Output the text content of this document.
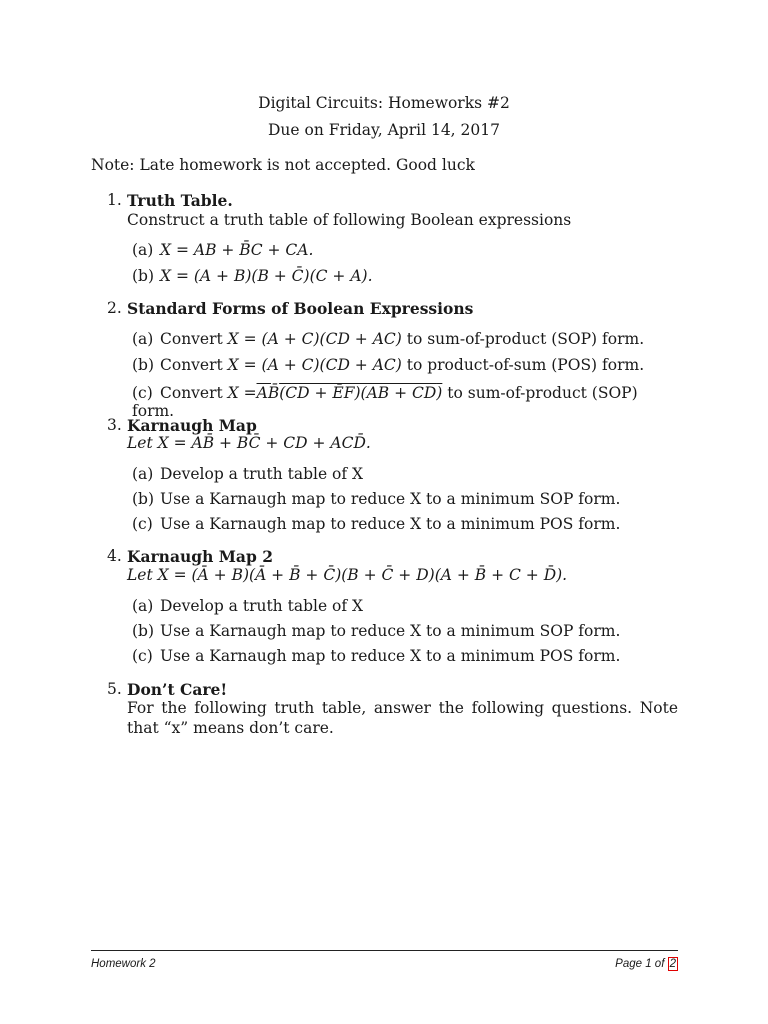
Digital Circuits: Homeworks #2
Due on Friday, April 14, 2017
Note: Late homework is not accepted. Good luck
1. Truth Table.
Construct a truth table of following Boolean expressions
(a) X = AB + B̄C + CA.
(b) X = (A + B)(B + C̄)(C + A).
2. Standard Forms of Boolean Expressions
(a) Convert X = (A + C)(CD + AC) to sum-of-product (SOP) form.
(b) Convert X = (A + C)(CD + AC) to product-of-sum (POS) form.
(c) Convert X =AB̄(CD + ĒF)(AB + CD) to sum-of-product (SOP) form.
3. Karnaugh Map
Let X = AB̄ + BC̄ + CD + ACD̄.
(a) Develop a truth table of X
(b) Use a Karnaugh map to reduce X to a minimum SOP form.
(c) Use a Karnaugh map to reduce X to a minimum POS form.
4. Karnaugh Map 2
Let X = (Ā + B)(Ā + B̄ + C̄)(B + C̄ + D)(A + B̄ + C + D̄).
(a) Develop a truth table of X
(b) Use a Karnaugh map to reduce X to a minimum SOP form.
(c) Use a Karnaugh map to reduce X to a minimum POS form.
5. Don’t Care!
For the following truth table, answer the following questions. Note that “x” means don’t care.
Homework 2	Page 1 of 2
